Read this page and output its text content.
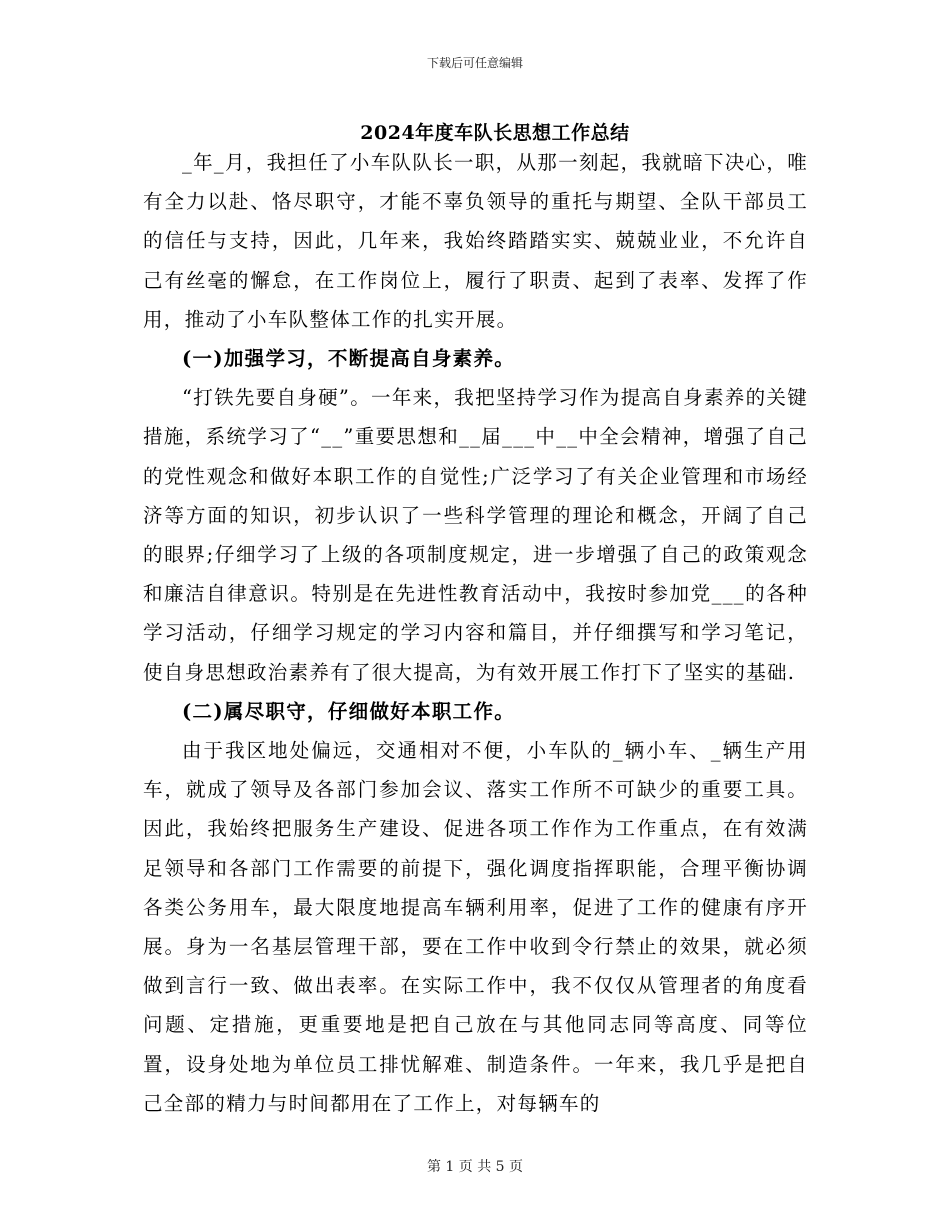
下载后可任意编辑
2024年度车队长思想工作总结

_年_月，我担任了小车队队长一职，从那一刻起，我就暗下决心，唯有全力以赴、恪尽职守，才能不辜负领导的重托与期望、全队干部员工的信任与支持，因此，几年来，我始终踏踏实实、兢兢业业，不允许自己有丝毫的懈怠，在工作岗位上，履行了职责、起到了表率、发挥了作用，推动了小车队整体工作的扎实开展。

(一)加强学习，不断提高自身素养。

“打铁先要自身硬”。一年来，我把坚持学习作为提高自身素养的关键措施，系统学习了“__”重要思想和__届___中__中全会精神，增强了自己的党性观念和做好本职工作的自觉性;广泛学习了有关企业管理和市场经济等方面的知识，初步认识了一些科学管理的理论和概念，开阔了自己的眼界;仔细学习了上级的各项制度规定，进一步增强了自己的政策观念和廉洁自律意识。特别是在先进性教育活动中，我按时参加党___的各种学习活动，仔细学习规定的学习内容和篇目，并仔细撰写和学习笔记，使自身思想政治素养有了很大提高，为有效开展工作打下了坚实的基础.

(二)属尽职守，仔细做好本职工作。

由于我区地处偏远，交通相对不便，小车队的_辆小车、_辆生产用车，就成了领导及各部门参加会议、落实工作所不可缺少的重要工具。因此，我始终把服务生产建设、促进各项工作作为工作重点，在有效满足领导和各部门工作需要的前提下，强化调度指挥职能，合理平衡协调各类公务用车，最大限度地提高车辆利用率，促进了工作的健康有序开展。身为一名基层管理干部，要在工作中收到令行禁止的效果，就必须做到言行一致、做出表率。在实际工作中，我不仅仅从管理者的角度看问题、定措施，更重要地是把自己放在与其他同志同等高度、同等位置，设身处地为单位员工排忧解难、制造条件。一年来，我几乎是把自己全部的精力与时间都用在了工作上，对每辆车的

第 1 页 共 5 页
